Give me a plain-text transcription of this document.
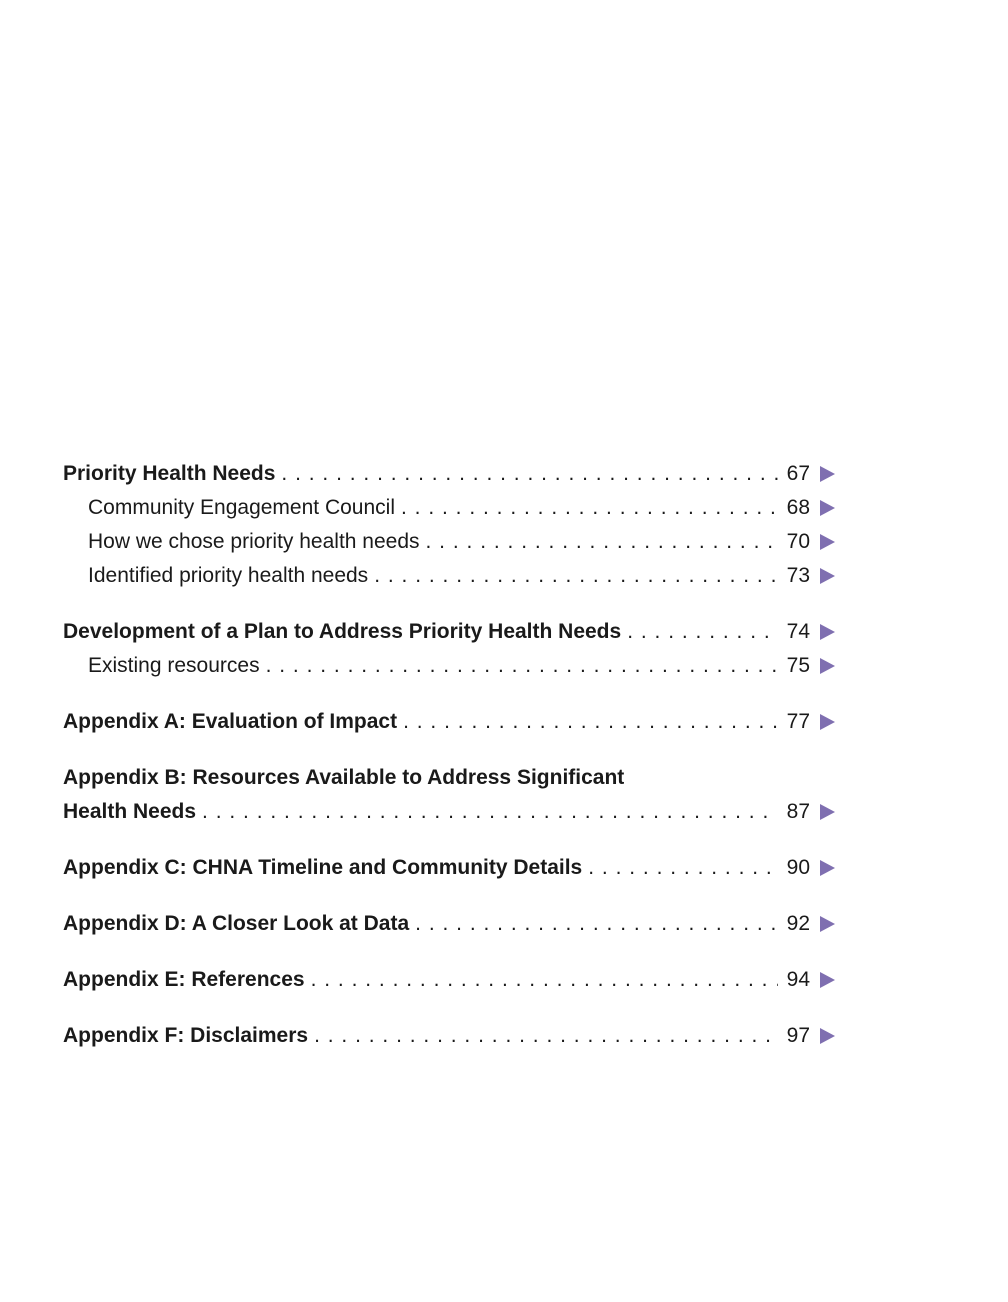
Priority Health Needs . . .	67
Community Engagement Council . . .	68
How we chose priority health needs . . .	70
Identified priority health needs . . .	73
Development of a Plan to Address Priority Health Needs . . .	74
Existing resources . . .	75
Appendix A: Evaluation of Impact . . .	77
Appendix B: Resources Available to Address Significant
Health Needs . . .	87
Appendix C: CHNA Timeline and Community Details . . .	90
Appendix D: A Closer Look at Data . . .	92
Appendix E: References . . .	94
Appendix F: Disclaimers . . .	97
